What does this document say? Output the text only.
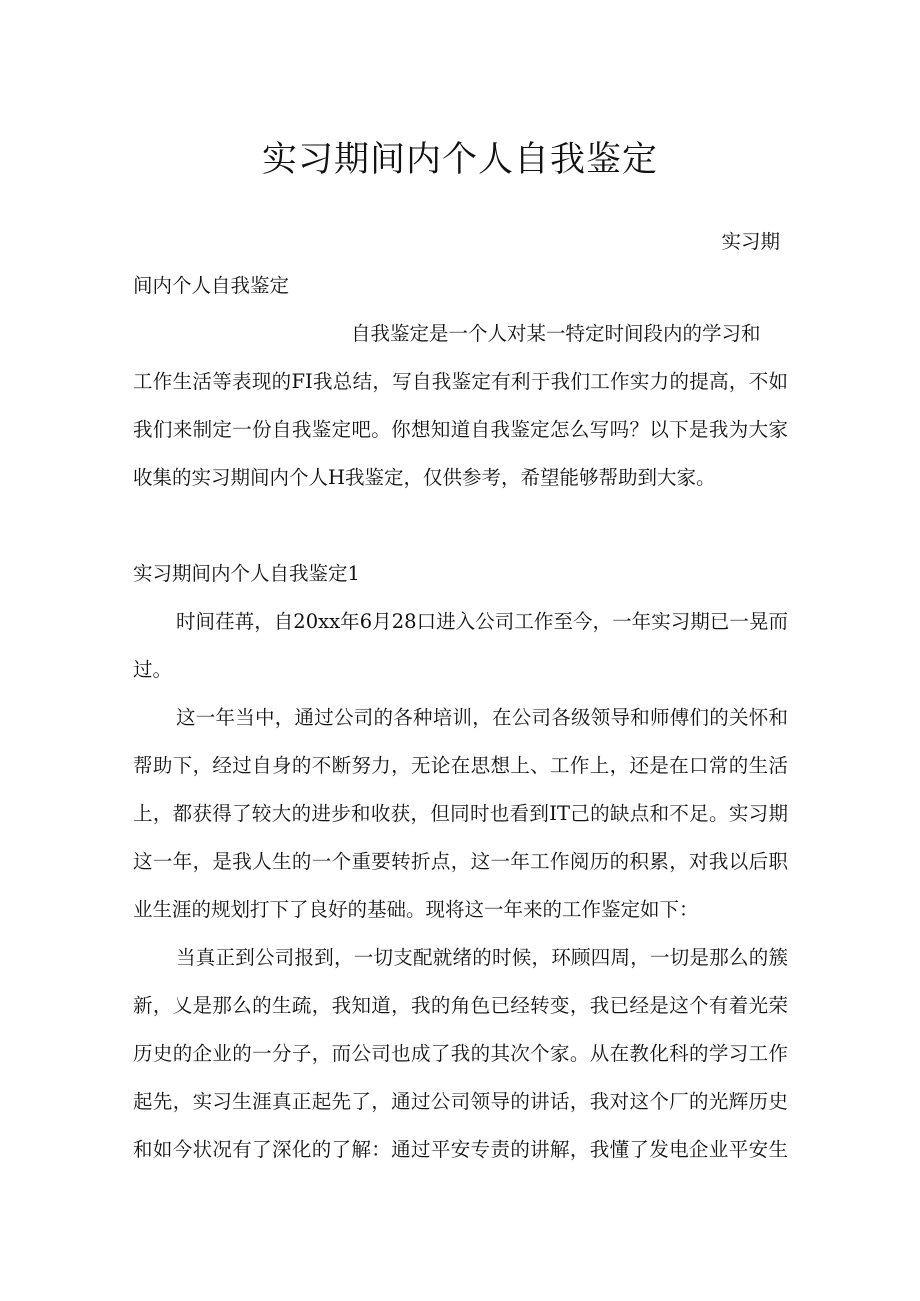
实习期间内个人自我鉴定

实习期

间内个人自我鉴定

自我鉴定是一个人对某一特定时间段内的学习和

工作生活等表现的FI我总结，写自我鉴定有利于我们工作实力的提高，不如

我们来制定一份自我鉴定吧。你想知道自我鉴定怎么写吗？以下是我为大家

收集的实习期间内个人H我鉴定，仅供参考，希望能够帮助到大家。

实习期间内个人自我鉴定1

时间荏苒，自20xx年6月28口进入公司工作至今，一年实习期已一晃而

过。

这一年当中，通过公司的各种培训，在公司各级领导和师傅们的关怀和

帮助下，经过自身的不断努力，无论在思想上、工作上，还是在口常的生活

上，都获得了较大的进步和收获，但同时也看到IT己的缺点和不足。实习期

这一年，是我人生的一个重要转折点，这一年工作阅历的积累，对我以后职

业生涯的规划打下了良好的基础。现将这一年来的工作鉴定如下：

当真正到公司报到，一切支配就绪的时候，环顾四周，一切是那么的簇

新，乂是那么的生疏，我知道，我的角色已经转变，我已经是这个有着光荣

历史的企业的一分子，而公司也成了我的其次个家。从在教化科的学习工作

起先，实习生涯真正起先了，通过公司领导的讲话，我对这个厂的光辉历史

和如今状况有了深化的了解：通过平安专责的讲解，我懂了发电企业平安生
